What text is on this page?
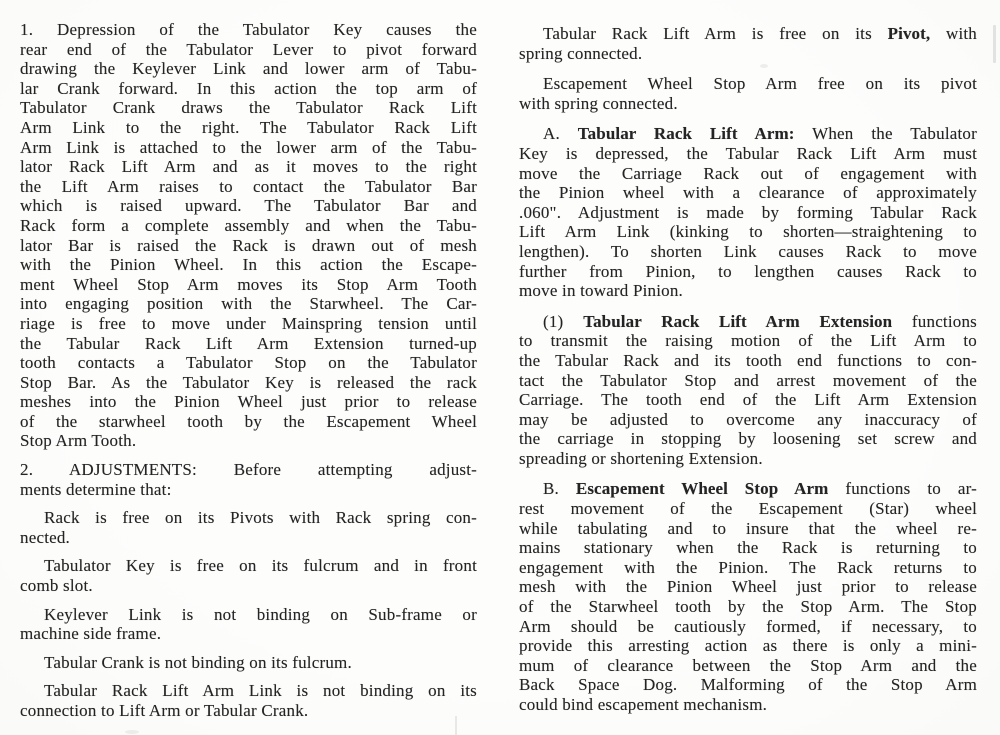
1. Depression of the Tabulator Key causes the
rear end of the Tabulator Lever to pivot forward
drawing the Keylever Link and lower arm of Tabu-
lar Crank forward. In this action the top arm of
Tabulator Crank draws the Tabulator Rack Lift
Arm Link to the right. The Tabulator Rack Lift
Arm Link is attached to the lower arm of the Tabu-
lator Rack Lift Arm and as it moves to the right
the Lift Arm raises to contact the Tabulator Bar
which is raised upward. The Tabulator Bar and
Rack form a complete assembly and when the Tabu-
lator Bar is raised the Rack is drawn out of mesh
with the Pinion Wheel. In this action the Escape-
ment Wheel Stop Arm moves its Stop Arm Tooth
into engaging position with the Starwheel. The Car-
riage is free to move under Mainspring tension until
the Tabular Rack Lift Arm Extension turned-up
tooth contacts a Tabulator Stop on the Tabulator
Stop Bar. As the Tabulator Key is released the rack
meshes into the Pinion Wheel just prior to release
of the starwheel tooth by the Escapement Wheel
Stop Arm Tooth.
2. ADJUSTMENTS: Before attempting adjust-
ments determine that:
Rack is free on its Pivots with Rack spring con-
nected.
Tabulator Key is free on its fulcrum and in front
comb slot.
Keylever Link is not binding on Sub-frame or
machine side frame.
Tabular Crank is not binding on its fulcrum.
Tabular Rack Lift Arm Link is not binding on its
connection to Lift Arm or Tabular Crank.
Tabular Rack Lift Arm is free on its Pivot, with
spring connected.
Escapement Wheel Stop Arm free on its pivot
with spring connected.
A. Tabular Rack Lift Arm: When the Tabulator
Key is depressed, the Tabular Rack Lift Arm must
move the Carriage Rack out of engagement with
the Pinion wheel with a clearance of approximately
.060". Adjustment is made by forming Tabular Rack
Lift Arm Link (kinking to shorten—straightening to
lengthen). To shorten Link causes Rack to move
further from Pinion, to lengthen causes Rack to
move in toward Pinion.
(1) Tabular Rack Lift Arm Extension functions
to transmit the raising motion of the Lift Arm to
the Tabular Rack and its tooth end functions to con-
tact the Tabulator Stop and arrest movement of the
Carriage. The tooth end of the Lift Arm Extension
may be adjusted to overcome any inaccuracy of
the carriage in stopping by loosening set screw and
spreading or shortening Extension.
B. Escapement Wheel Stop Arm functions to ar-
rest movement of the Escapement (Star) wheel
while tabulating and to insure that the wheel re-
mains stationary when the Rack is returning to
engagement with the Pinion. The Rack returns to
mesh with the Pinion Wheel just prior to release
of the Starwheel tooth by the Stop Arm. The Stop
Arm should be cautiously formed, if necessary, to
provide this arresting action as there is only a mini-
mum of clearance between the Stop Arm and the
Back Space Dog. Malforming of the Stop Arm
could bind escapement mechanism.
